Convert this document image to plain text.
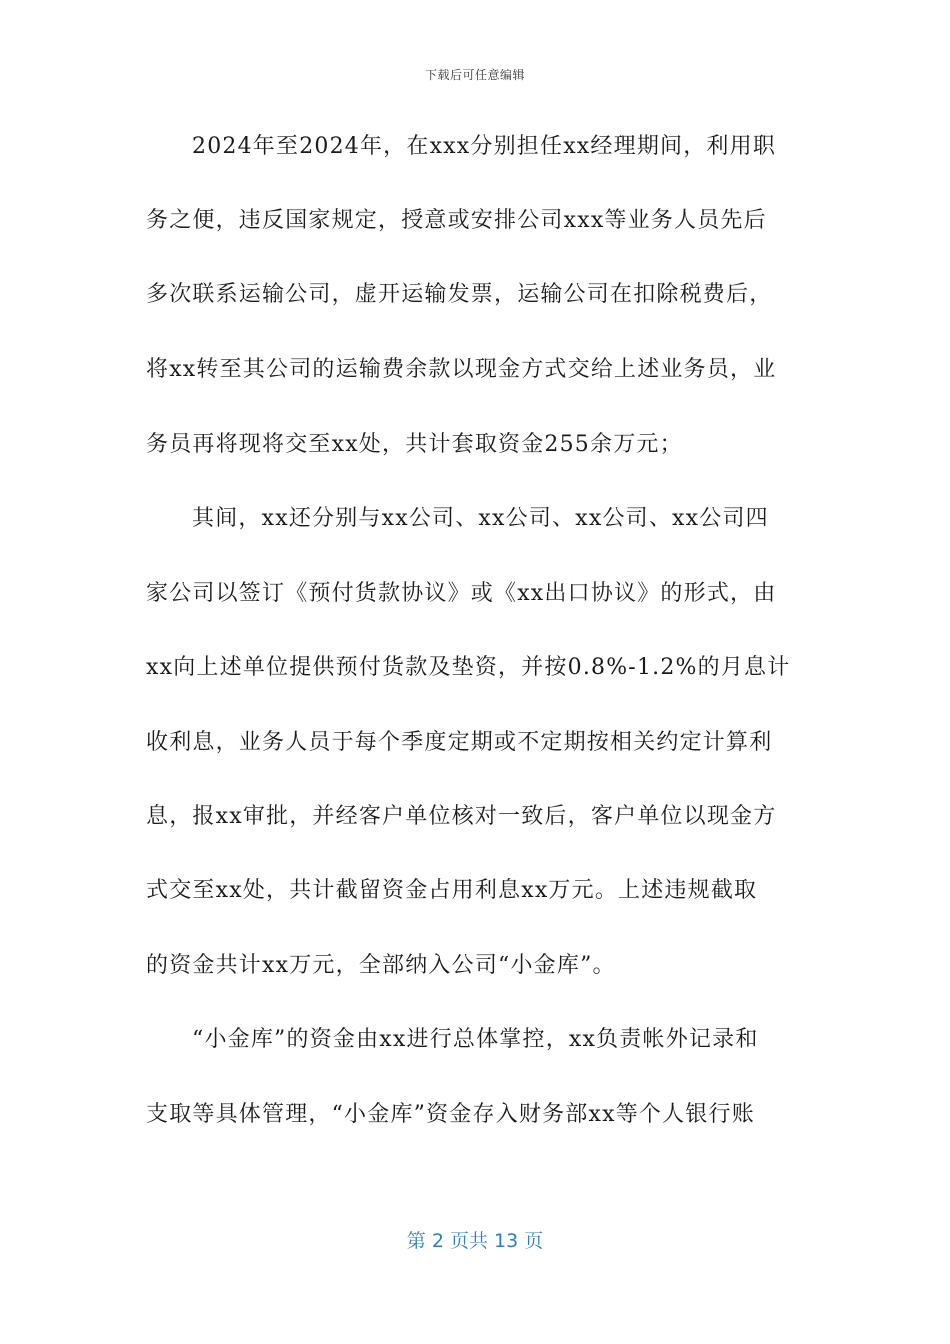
下载后可任意编辑
2024年至2024年，在xxx分别担任xx经理期间，利用职
务之便，违反国家规定，授意或安排公司xxx等业务人员先后
多次联系运输公司，虚开运输发票，运输公司在扣除税费后，
将xx转至其公司的运输费余款以现金方式交给上述业务员，业
务员再将现将交至xx处，共计套取资金255余万元；
其间，xx还分别与xx公司、xx公司、xx公司、xx公司四
家公司以签订《预付货款协议》或《xx出口协议》的形式，由
xx向上述单位提供预付货款及垫资，并按0.8%-1.2%的月息计
收利息，业务人员于每个季度定期或不定期按相关约定计算利
息，报xx审批，并经客户单位核对一致后，客户单位以现金方
式交至xx处，共计截留资金占用利息xx万元。上述违规截取
的资金共计xx万元，全部纳入公司“小金库”。
“小金库”的资金由xx进行总体掌控，xx负责帐外记录和
支取等具体管理，“小金库”资金存入财务部xx等个人银行账
第 2 页共 13 页
